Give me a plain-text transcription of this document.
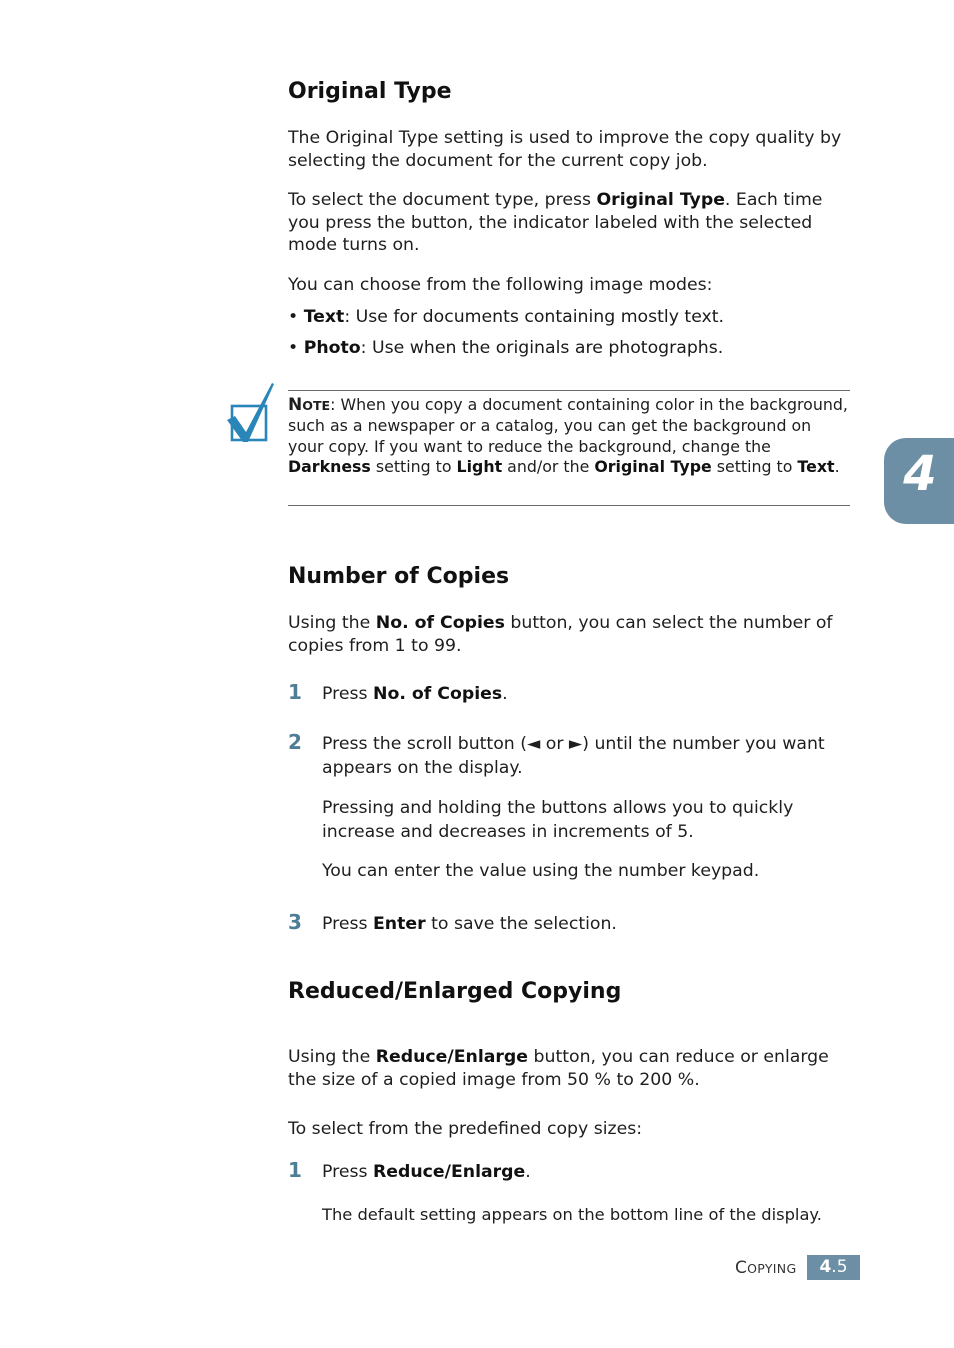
Original Type

The Original Type setting is used to improve the copy quality by selecting the document for the current copy job.

To select the document type, press Original Type. Each time you press the button, the indicator labeled with the selected mode turns on.

You can choose from the following image modes:

• Text: Use for documents containing mostly text.
• Photo: Use when the originals are photographs.
NOTE: When you copy a document containing color in the background, such as a newspaper or a catalog, you can get the background on your copy. If you want to reduce the background, change the Darkness setting to Light and/or the Original Type setting to Text. 4
Number of Copies

Using the No. of Copies button, you can select the number of copies from 1 to 99.

1	Press No. of Copies.
2	Press the scroll button (◄ or ►) until the number you want appears on the display.
Pressing and holding the buttons allows you to quickly increase and decreases in increments of 5.
You can enter the value using the number keypad.
3	Press Enter to save the selection.
Reduced/Enlarged Copying

Using the Reduce/Enlarge button, you can reduce or enlarge the size of a copied image from 50 % to 200 %.

To select from the predefined copy sizes:

1	Press Reduce/Enlarge.
The default setting appears on the bottom line of the display.
COPYING	4.5
